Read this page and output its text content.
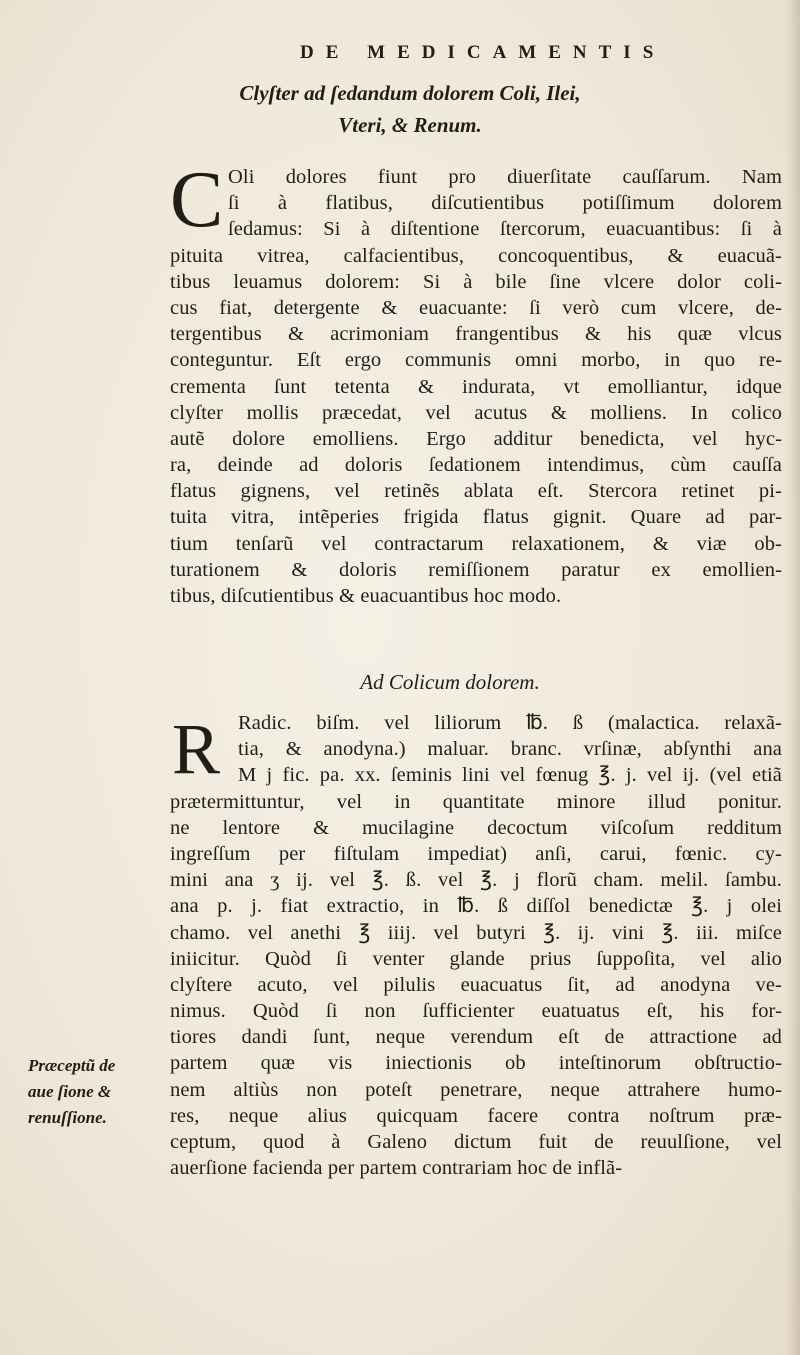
DE MEDICAMENTIS
Clyſter ad ſedandum dolorem Coli, Ilei,
Vteri, & Renum.
C Oli dolores fiunt pro diuerſitate cauſſarum. Nam
ſi à flatibus, diſcutientibus potiſſimum dolorem
ſedamus: Si à diſtentione ſtercorum, euacuantibus: ſi à
pituita vitrea, calfacientibus, concoquentibus, & euacuã-
tibus leuamus dolorem: Si à bile ſine vlcere dolor coli-
cus fiat, detergente & euacuante: ſi verò cum vlcere, de-
tergentibus & acrimoniam frangentibus & his quæ vlcus
conteguntur. Eſt ergo communis omni morbo, in quo re-
crementa ſunt tetenta & indurata, vt emolliantur, idque
clyſter mollis præcedat, vel acutus & molliens. In colico
autẽ dolore emolliens. Ergo additur benedicta, vel hyc-
ra, deinde ad doloris ſedationem intendimus, cùm cauſſa
flatus gignens, vel retinẽs ablata eſt. Stercora retinet pi-
tuita vitra, intẽperies frigida flatus gignit. Quare ad par-
tium tenſarũ vel contractarum relaxationem, & viæ ob-
turationem & doloris remiſſionem paratur ex emollien-
tibus, diſcutientibus & euacuantibus hoc modo.
Ad Colicum dolorem.
R Radic. biſm. vel liliorum ℔. ß (malactica. relaxã-
tia, & anodyna.) maluar. branc. vrſinæ, abſynthi ana
M j fic. pa. xx. ſeminis lini vel fœnug ℥. j. vel ij. (vel etiã
prætermittuntur, vel in quantitate minore illud ponitur.
ne lentore & mucilagine decoctum viſcoſum redditum
ingreſſum per fiſtulam impediat) anſi, carui, fœnic. cy-
mini ana ʒ ij. vel ℥. ß. vel ℥. j florũ cham. melil. ſambu.
ana p. j. fiat extractio, in ℔. ß diſſol benedictæ ℥. j olei
chamo. vel anethi ℥ iiij. vel butyri ℥. ij. vini ℥. iii. miſce
iniicitur. Quòd ſi venter glande prius ſuppoſita, vel alio
clyſtere acuto, vel pilulis euacuatus ſit, ad anodyna ve-
nimus. Quòd ſi non ſufficienter euatuatus eſt, his for-
tiores dandi ſunt, neque verendum eſt de attractione ad
partem quæ vis iniectionis ob inteſtinorum obſtructio-
nem altiùs non poteſt penetrare, neque attrahere humo-
res, neque alius quicquam facere contra noſtrum præ-
ceptum, quod à Galeno dictum fuit de reuulſione, vel
auerſione facienda per partem contrariam hoc de inflã-
Præceptũ de
aue ſione &
renuſſione.
